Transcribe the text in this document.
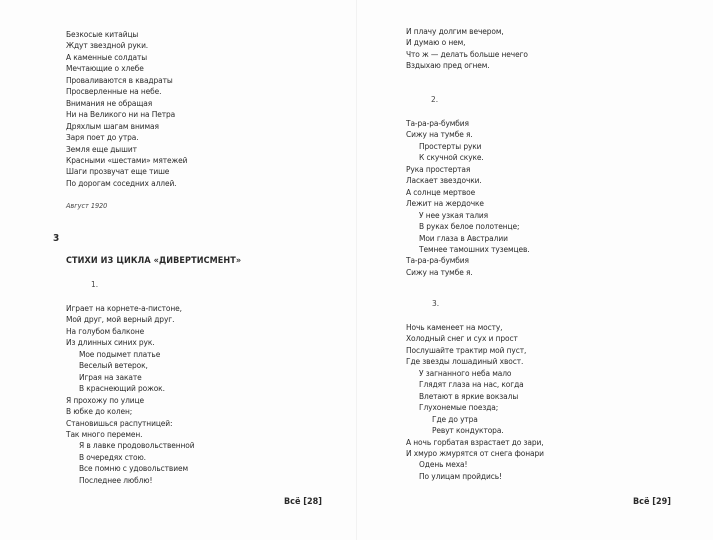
Безкосые китайцы
Ждут звездной руки.
А каменные солдаты
Мечтающие о хлебе
Проваливаются в квадраты
Просверленные на небе.
Внимания не обращая
Ни на Великого ни на Петра
Дряхлым шагам внимая
Заря поет до утра.
Земля еще дышит
Красными «шестами» мятежей
Шаги прозвучат еще тише
По дорогам соседних аллей.
Август 1920
3
СТИХИ ИЗ ЦИКЛА «ДИВЕРТИСМЕНТ»
1.
Играет на корнете-а-пистоне,
Мой друг, мой верный друг.
На голубом балконе
Из длинных синих рук.
Мое подымет платье
Веселый ветерок,
Играя на закате
В краснеющий рожок.
Я прохожу по улице
В юбке до колен;
Становишься распутницей:
Так много перемен.
Я в лавке продовольственной
В очередях стою.
Все помню с удовольствием
Последнее люблю!
Всё [28]
И плачу долгим вечером,
И думаю о нем,
Что ж — делать больше нечего
Вздыхаю пред огнем.
2.
Та-ра-ра-бумбия
Сижу на тумбе я.
Простерты руки
К скучной скуке.
Рука простертая
Ласкает звездочки.
А солнце мертвое
Лежит на жердочке
У нее узкая талия
В руках белое полотенце;
Мои глаза в Австралии
Темнее тамошних туземцев.
Та-ра-ра-бумбия
Сижу на тумбе я.
3.
Ночь каменеет на мосту,
Холодный снег и сух и прост
Послушайте трактир мой пуст,
Где звезды лошадиный хвост.
У загнанного неба мало
Глядят глаза на нас, когда
Влетают в яркие вокзалы
Глухонемые поезда;
Где до утра
Ревут кондуктора.
А ночь горбатая взрастает до зари,
И хмуро жмурятся от снега фонари
Одень меха!
По улицам пройдись!
Всё [29]
